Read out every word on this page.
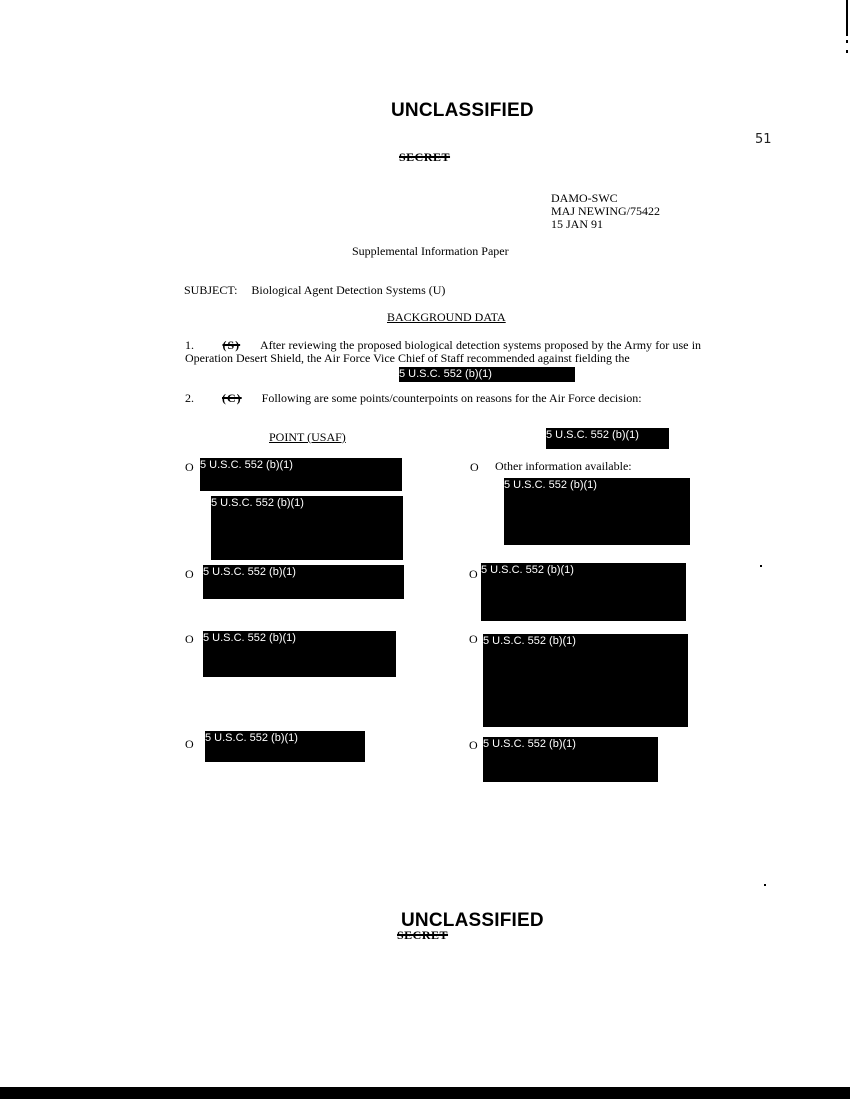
UNCLASSIFIED
SECRET
51
DAMO-SWC
MAJ NEWING/75422
15 JAN 91
Supplemental Information Paper
SUBJECT: Biological Agent Detection Systems (U)
BACKGROUND DATA
1. (S) After reviewing the proposed biological detection systems proposed by the Army for use in Operation Desert Shield, the Air Force Vice Chief of Staff recommended against fielding the
5 U.S.C. 552 (b)(1)
2. (C) Following are some points/counterpoints on reasons for the Air Force decision:
POINT (USAF)	5 U.S.C. 552 (b)(1)
O 5 U.S.C. 552 (b)(1)
5 U.S.C. 552 (b)(1)
O 5 U.S.C. 552 (b)(1)
O 5 U.S.C. 552 (b)(1)
O 5 U.S.C. 552 (b)(1)
O Other information available:
5 U.S.C. 552 (b)(1)
O 5 U.S.C. 552 (b)(1)
O 5 U.S.C. 552 (b)(1)
O 5 U.S.C. 552 (b)(1)
UNCLASSIFIED
SECRET
